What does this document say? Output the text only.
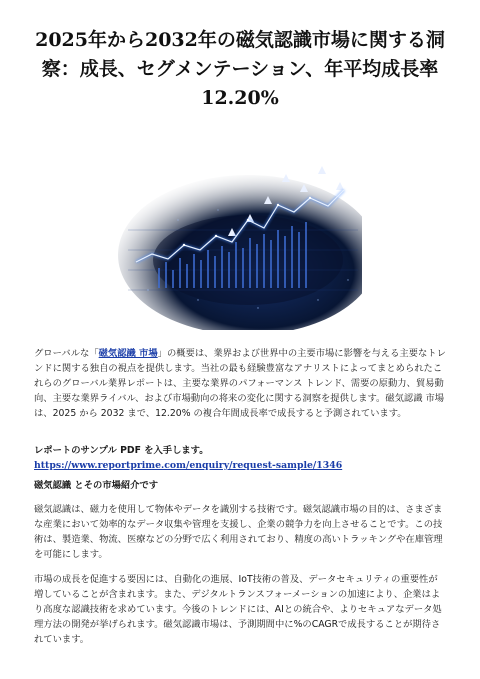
2025年から2032年の磁気認識市場に関する洞察：成長、セグメンテーション、年平均成長率 12.20%

グローバルな「磁気認識 市場」の概要は、業界および世界中の主要市場に影響を与える主要なトレンドに関する独自の視点を提供します。当社の最も経験豊富なアナリストによってまとめられたこれらのグローバル業界レポートは、主要な業界のパフォーマンス トレンド、需要の原動力、貿易動向、主要な業界ライバル、および市場動向の将来の変化に関する洞察を提供します。磁気認識 市場は、2025 から 2032 まで、12.20% の複合年間成長率で成長すると予測されています。

レポートのサンプル PDF を入手します。 https://www.reportprime.com/enquiry/request-sample/1346

磁気認識 とその市場紹介です

磁気認識は、磁力を使用して物体やデータを識別する技術です。磁気認識市場の目的は、さまざまな産業において効率的なデータ収集や管理を支援し、企業の競争力を向上させることです。この技術は、製造業、物流、医療などの分野で広く利用されており、精度の高いトラッキングや在庫管理を可能にします。

市場の成長を促進する要因には、自動化の進展、IoT技術の普及、データセキュリティの重要性が増していることが含まれます。また、デジタルトランスフォーメーションの加速により、企業はより高度な認識技術を求めています。今後のトレンドには、AIとの統合や、よりセキュアなデータ処理方法の開発が挙げられます。磁気認識市場は、予測期間中に%のCAGRで成長することが期待されています。
